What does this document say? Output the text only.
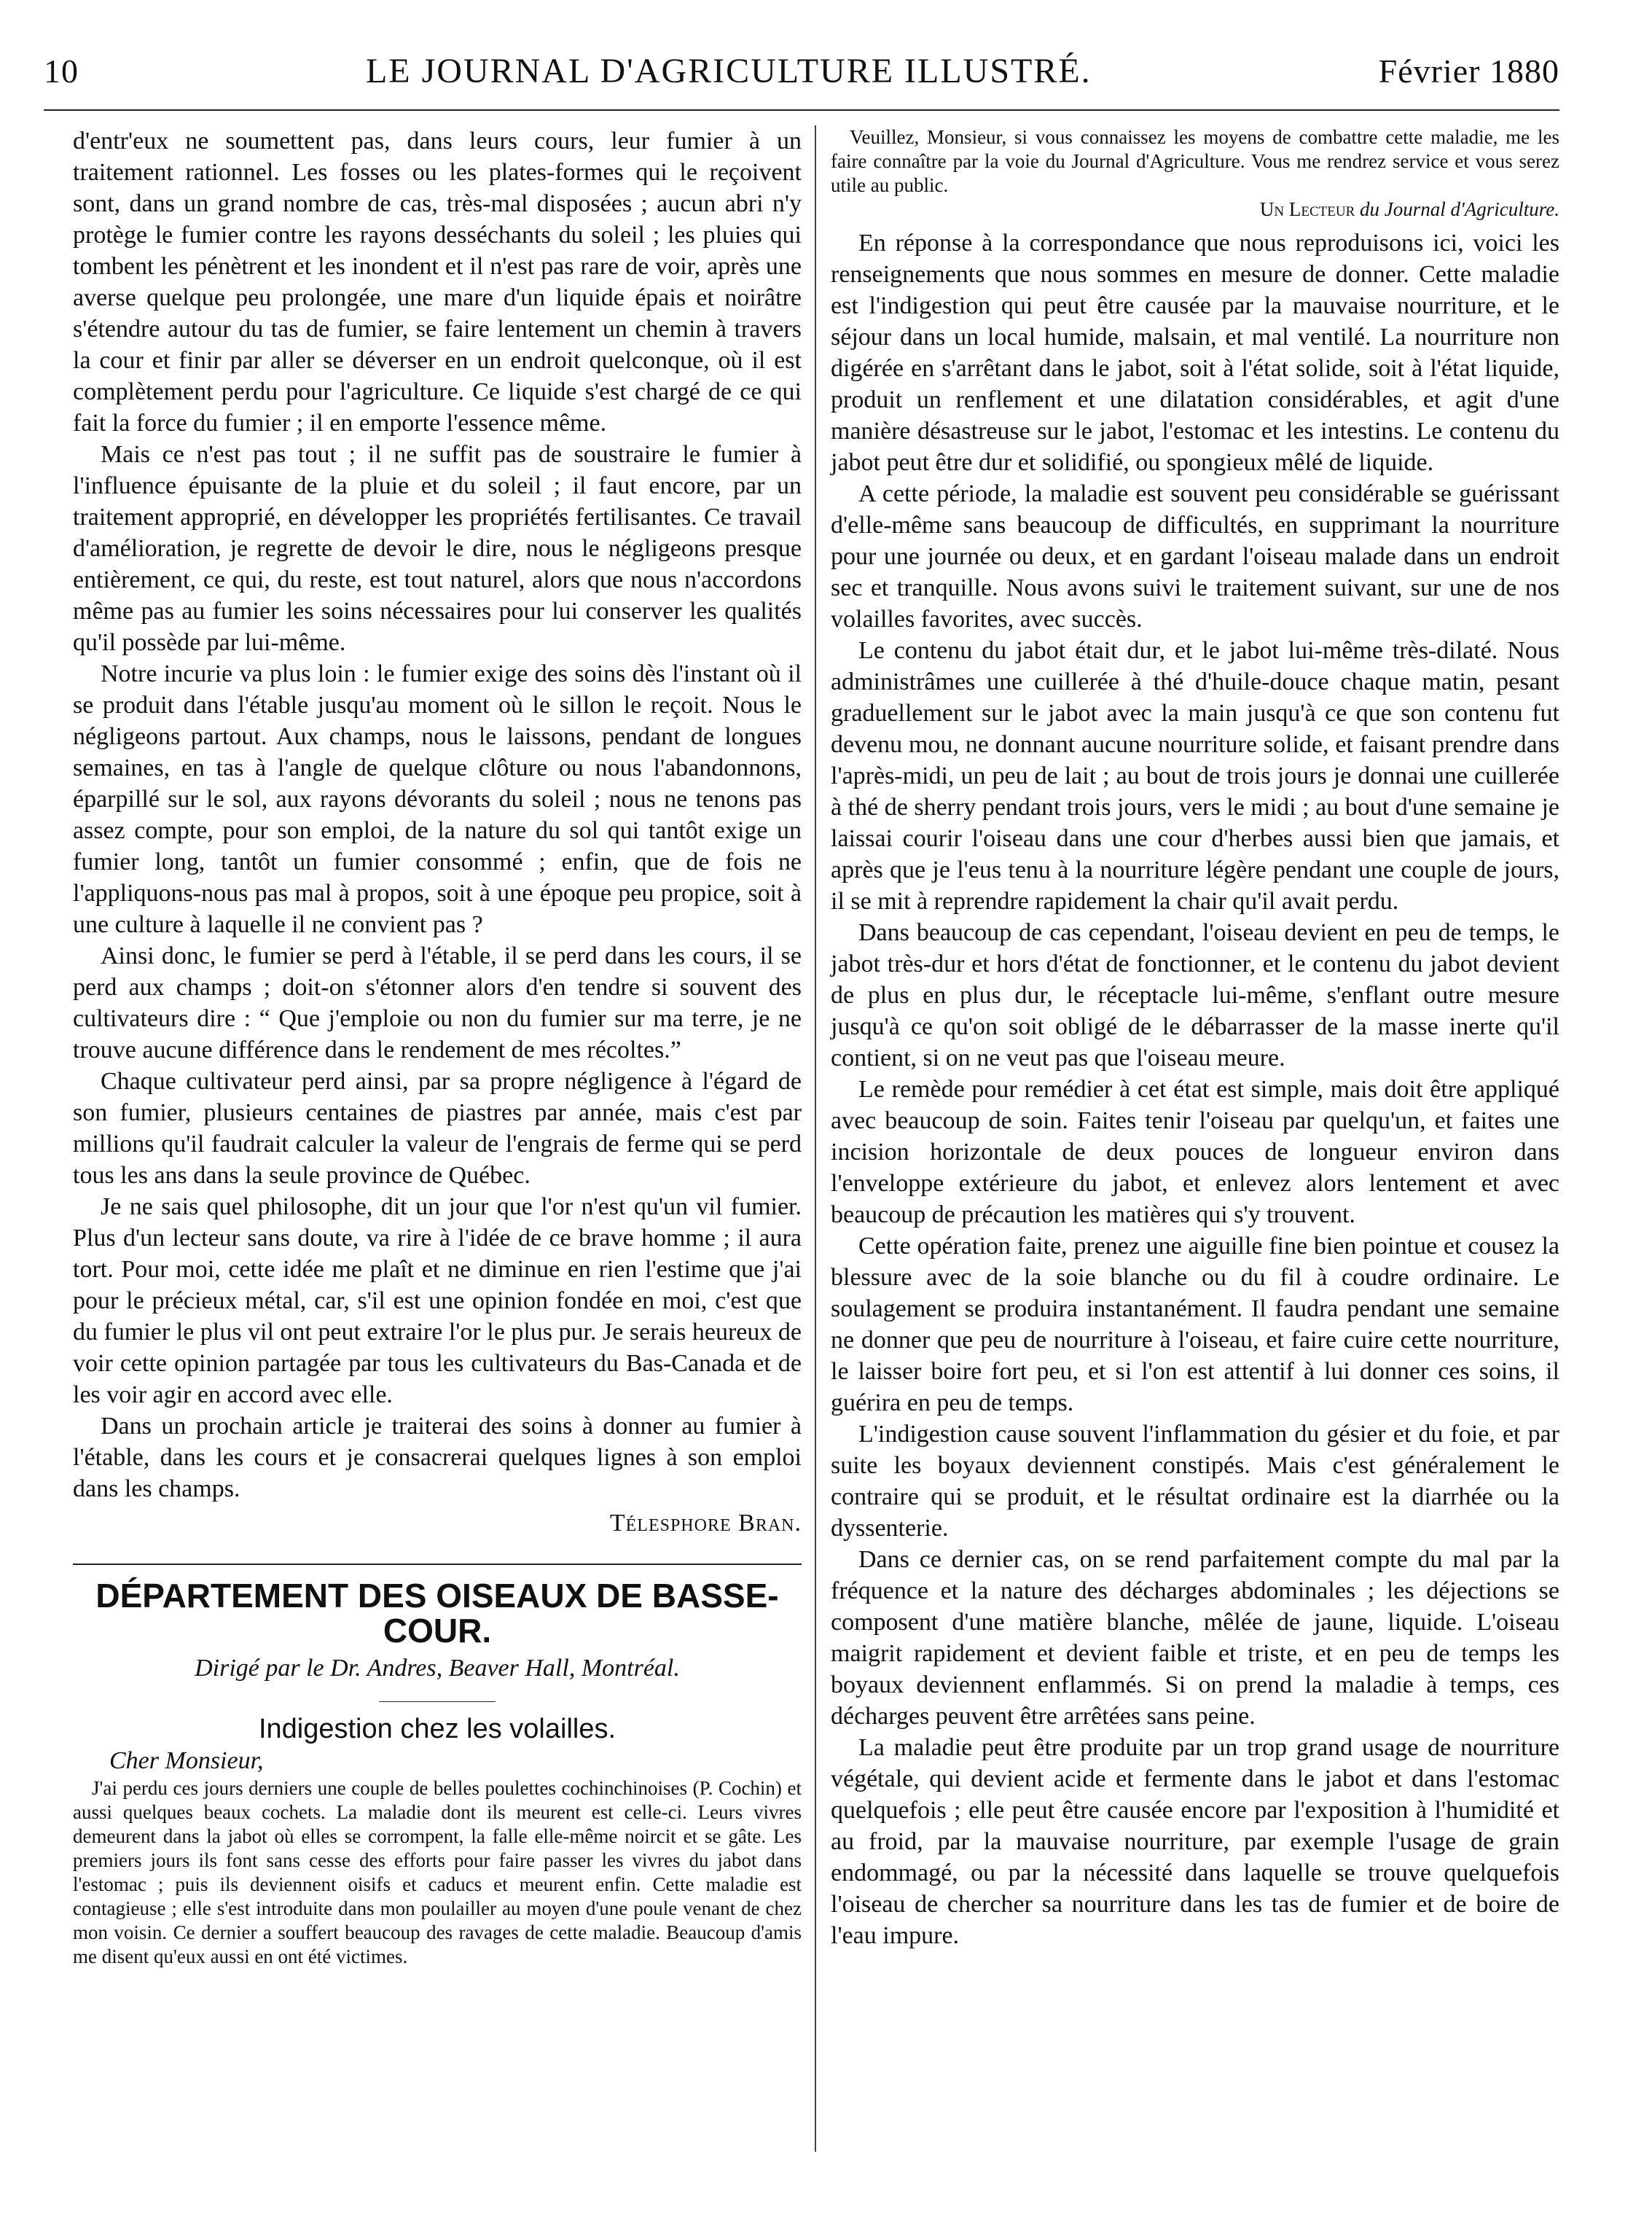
10	LE JOURNAL D'AGRICULTURE ILLUSTRÉ.	Février 1880

d'entr'eux ne soumettent pas, dans leurs cours, leur fumier à un traitement rationnel. Les fosses ou les plates-formes qui le reçoivent sont, dans un grand nombre de cas, très-mal disposées ; aucun abri n'y protège le fumier contre les rayons desséchants du soleil ; les pluies qui tombent les pénètrent et les inondent et il n'est pas rare de voir, après une averse quelque peu prolongée, une mare d'un liquide épais et noirâtre s'étendre autour du tas de fumier, se faire lentement un chemin à travers la cour et finir par aller se déverser en un endroit quelconque, où il est complètement perdu pour l'agriculture. Ce liquide s'est chargé de ce qui fait la force du fumier ; il en emporte l'essence même.

Mais ce n'est pas tout ; il ne suffit pas de soustraire le fumier à l'influence épuisante de la pluie et du soleil ; il faut encore, par un traitement approprié, en développer les propriétés fertilisantes. Ce travail d'amélioration, je regrette de devoir le dire, nous le négligeons presque entièrement, ce qui, du reste, est tout naturel, alors que nous n'accordons même pas au fumier les soins nécessaires pour lui conserver les qualités qu'il possède par lui-même.

Notre incurie va plus loin : le fumier exige des soins dès l'instant où il se produit dans l'étable jusqu'au moment où le sillon le reçoit. Nous le négligeons partout. Aux champs, nous le laissons, pendant de longues semaines, en tas à l'angle de quelque clôture ou nous l'abandonnons, éparpillé sur le sol, aux rayons dévorants du soleil ; nous ne tenons pas assez compte, pour son emploi, de la nature du sol qui tantôt exige un fumier long, tantôt un fumier consommé ; enfin, que de fois ne l'appliquons-nous pas mal à propos, soit à une époque peu propice, soit à une culture à laquelle il ne convient pas ?

Ainsi donc, le fumier se perd à l'étable, il se perd dans les cours, il se perd aux champs ; doit-on s'étonner alors d'en tendre si souvent des cultivateurs dire : “ Que j'emploie ou non du fumier sur ma terre, je ne trouve aucune différence dans le rendement de mes récoltes.”

Chaque cultivateur perd ainsi, par sa propre négligence à l'égard de son fumier, plusieurs centaines de piastres par année, mais c'est par millions qu'il faudrait calculer la valeur de l'engrais de ferme qui se perd tous les ans dans la seule province de Québec.

Je ne sais quel philosophe, dit un jour que l'or n'est qu'un vil fumier. Plus d'un lecteur sans doute, va rire à l'idée de ce brave homme ; il aura tort. Pour moi, cette idée me plaît et ne diminue en rien l'estime que j'ai pour le précieux métal, car, s'il est une opinion fondée en moi, c'est que du fumier le plus vil ont peut extraire l'or le plus pur. Je serais heureux de voir cette opinion partagée par tous les cultivateurs du Bas-Canada et de les voir agir en accord avec elle.

Dans un prochain article je traiterai des soins à donner au fumier à l'étable, dans les cours et je consacrerai quelques lignes à son emploi dans les champs.

Télesphore Bran.

DÉPARTEMENT DES OISEAUX DE BASSE-COUR.

Dirigé par le Dr. Andres, Beaver Hall, Montréal.

Indigestion chez les volailles.

Cher Monsieur,

J'ai perdu ces jours derniers une couple de belles poulettes cochinchinoises (P. Cochin) et aussi quelques beaux cochets. La maladie dont ils meurent est celle-ci. Leurs vivres demeurent dans la jabot où elles se corrompent, la falle elle-même noircit et se gâte. Les premiers jours ils font sans cesse des efforts pour faire passer les vivres du jabot dans l'estomac ; puis ils deviennent oisifs et caducs et meurent enfin. Cette maladie est contagieuse ; elle s'est introduite dans mon poulailler au moyen d'une poule venant de chez mon voisin. Ce dernier a souffert beaucoup des ravages de cette maladie. Beaucoup d'amis me disent qu'eux aussi en ont été victimes.

Veuillez, Monsieur, si vous connaissez les moyens de combattre cette maladie, me les faire connaître par la voie du Journal d'Agriculture. Vous me rendrez service et vous serez utile au public.

Un Lecteur du Journal d'Agriculture.

En réponse à la correspondance que nous reproduisons ici, voici les renseignements que nous sommes en mesure de donner. Cette maladie est l'indigestion qui peut être causée par la mauvaise nourriture, et le séjour dans un local humide, malsain, et mal ventilé. La nourriture non digérée en s'arrêtant dans le jabot, soit à l'état solide, soit à l'état liquide, produit un renflement et une dilatation considérables, et agit d'une manière désastreuse sur le jabot, l'estomac et les intestins. Le contenu du jabot peut être dur et solidifié, ou spongieux mêlé de liquide.

A cette période, la maladie est souvent peu considérable se guérissant d'elle-même sans beaucoup de difficultés, en supprimant la nourriture pour une journée ou deux, et en gardant l'oiseau malade dans un endroit sec et tranquille. Nous avons suivi le traitement suivant, sur une de nos volailles favorites, avec succès.

Le contenu du jabot était dur, et le jabot lui-même très-dilaté. Nous administrâmes une cuillerée à thé d'huile-douce chaque matin, pesant graduellement sur le jabot avec la main jusqu'à ce que son contenu fut devenu mou, ne donnant aucune nourriture solide, et faisant prendre dans l'après-midi, un peu de lait ; au bout de trois jours je donnai une cuillerée à thé de sherry pendant trois jours, vers le midi ; au bout d'une semaine je laissai courir l'oiseau dans une cour d'herbes aussi bien que jamais, et après que je l'eus tenu à la nourriture légère pendant une couple de jours, il se mit à reprendre rapidement la chair qu'il avait perdu.

Dans beaucoup de cas cependant, l'oiseau devient en peu de temps, le jabot très-dur et hors d'état de fonctionner, et le contenu du jabot devient de plus en plus dur, le réceptacle lui-même, s'enflant outre mesure jusqu'à ce qu'on soit obligé de le débarrasser de la masse inerte qu'il contient, si on ne veut pas que l'oiseau meure.

Le remède pour remédier à cet état est simple, mais doit être appliqué avec beaucoup de soin. Faites tenir l'oiseau par quelqu'un, et faites une incision horizontale de deux pouces de longueur environ dans l'enveloppe extérieure du jabot, et enlevez alors lentement et avec beaucoup de précaution les matières qui s'y trouvent.

Cette opération faite, prenez une aiguille fine bien pointue et cousez la blessure avec de la soie blanche ou du fil à coudre ordinaire. Le soulagement se produira instantanément. Il faudra pendant une semaine ne donner que peu de nourriture à l'oiseau, et faire cuire cette nourriture, le laisser boire fort peu, et si l'on est attentif à lui donner ces soins, il guérira en peu de temps.

L'indigestion cause souvent l'inflammation du gésier et du foie, et par suite les boyaux deviennent constipés. Mais c'est généralement le contraire qui se produit, et le résultat ordinaire est la diarrhée ou la dyssenterie.

Dans ce dernier cas, on se rend parfaitement compte du mal par la fréquence et la nature des décharges abdominales ; les déjections se composent d'une matière blanche, mêlée de jaune, liquide. L'oiseau maigrit rapidement et devient faible et triste, et en peu de temps les boyaux deviennent enflammés. Si on prend la maladie à temps, ces décharges peuvent être arrêtées sans peine.

La maladie peut être produite par un trop grand usage de nourriture végétale, qui devient acide et fermente dans le jabot et dans l'estomac quelquefois ; elle peut être causée encore par l'exposition à l'humidité et au froid, par la mauvaise nourriture, par exemple l'usage de grain endommagé, ou par la nécessité dans laquelle se trouve quelquefois l'oiseau de chercher sa nourriture dans les tas de fumier et de boire de l'eau impure.
